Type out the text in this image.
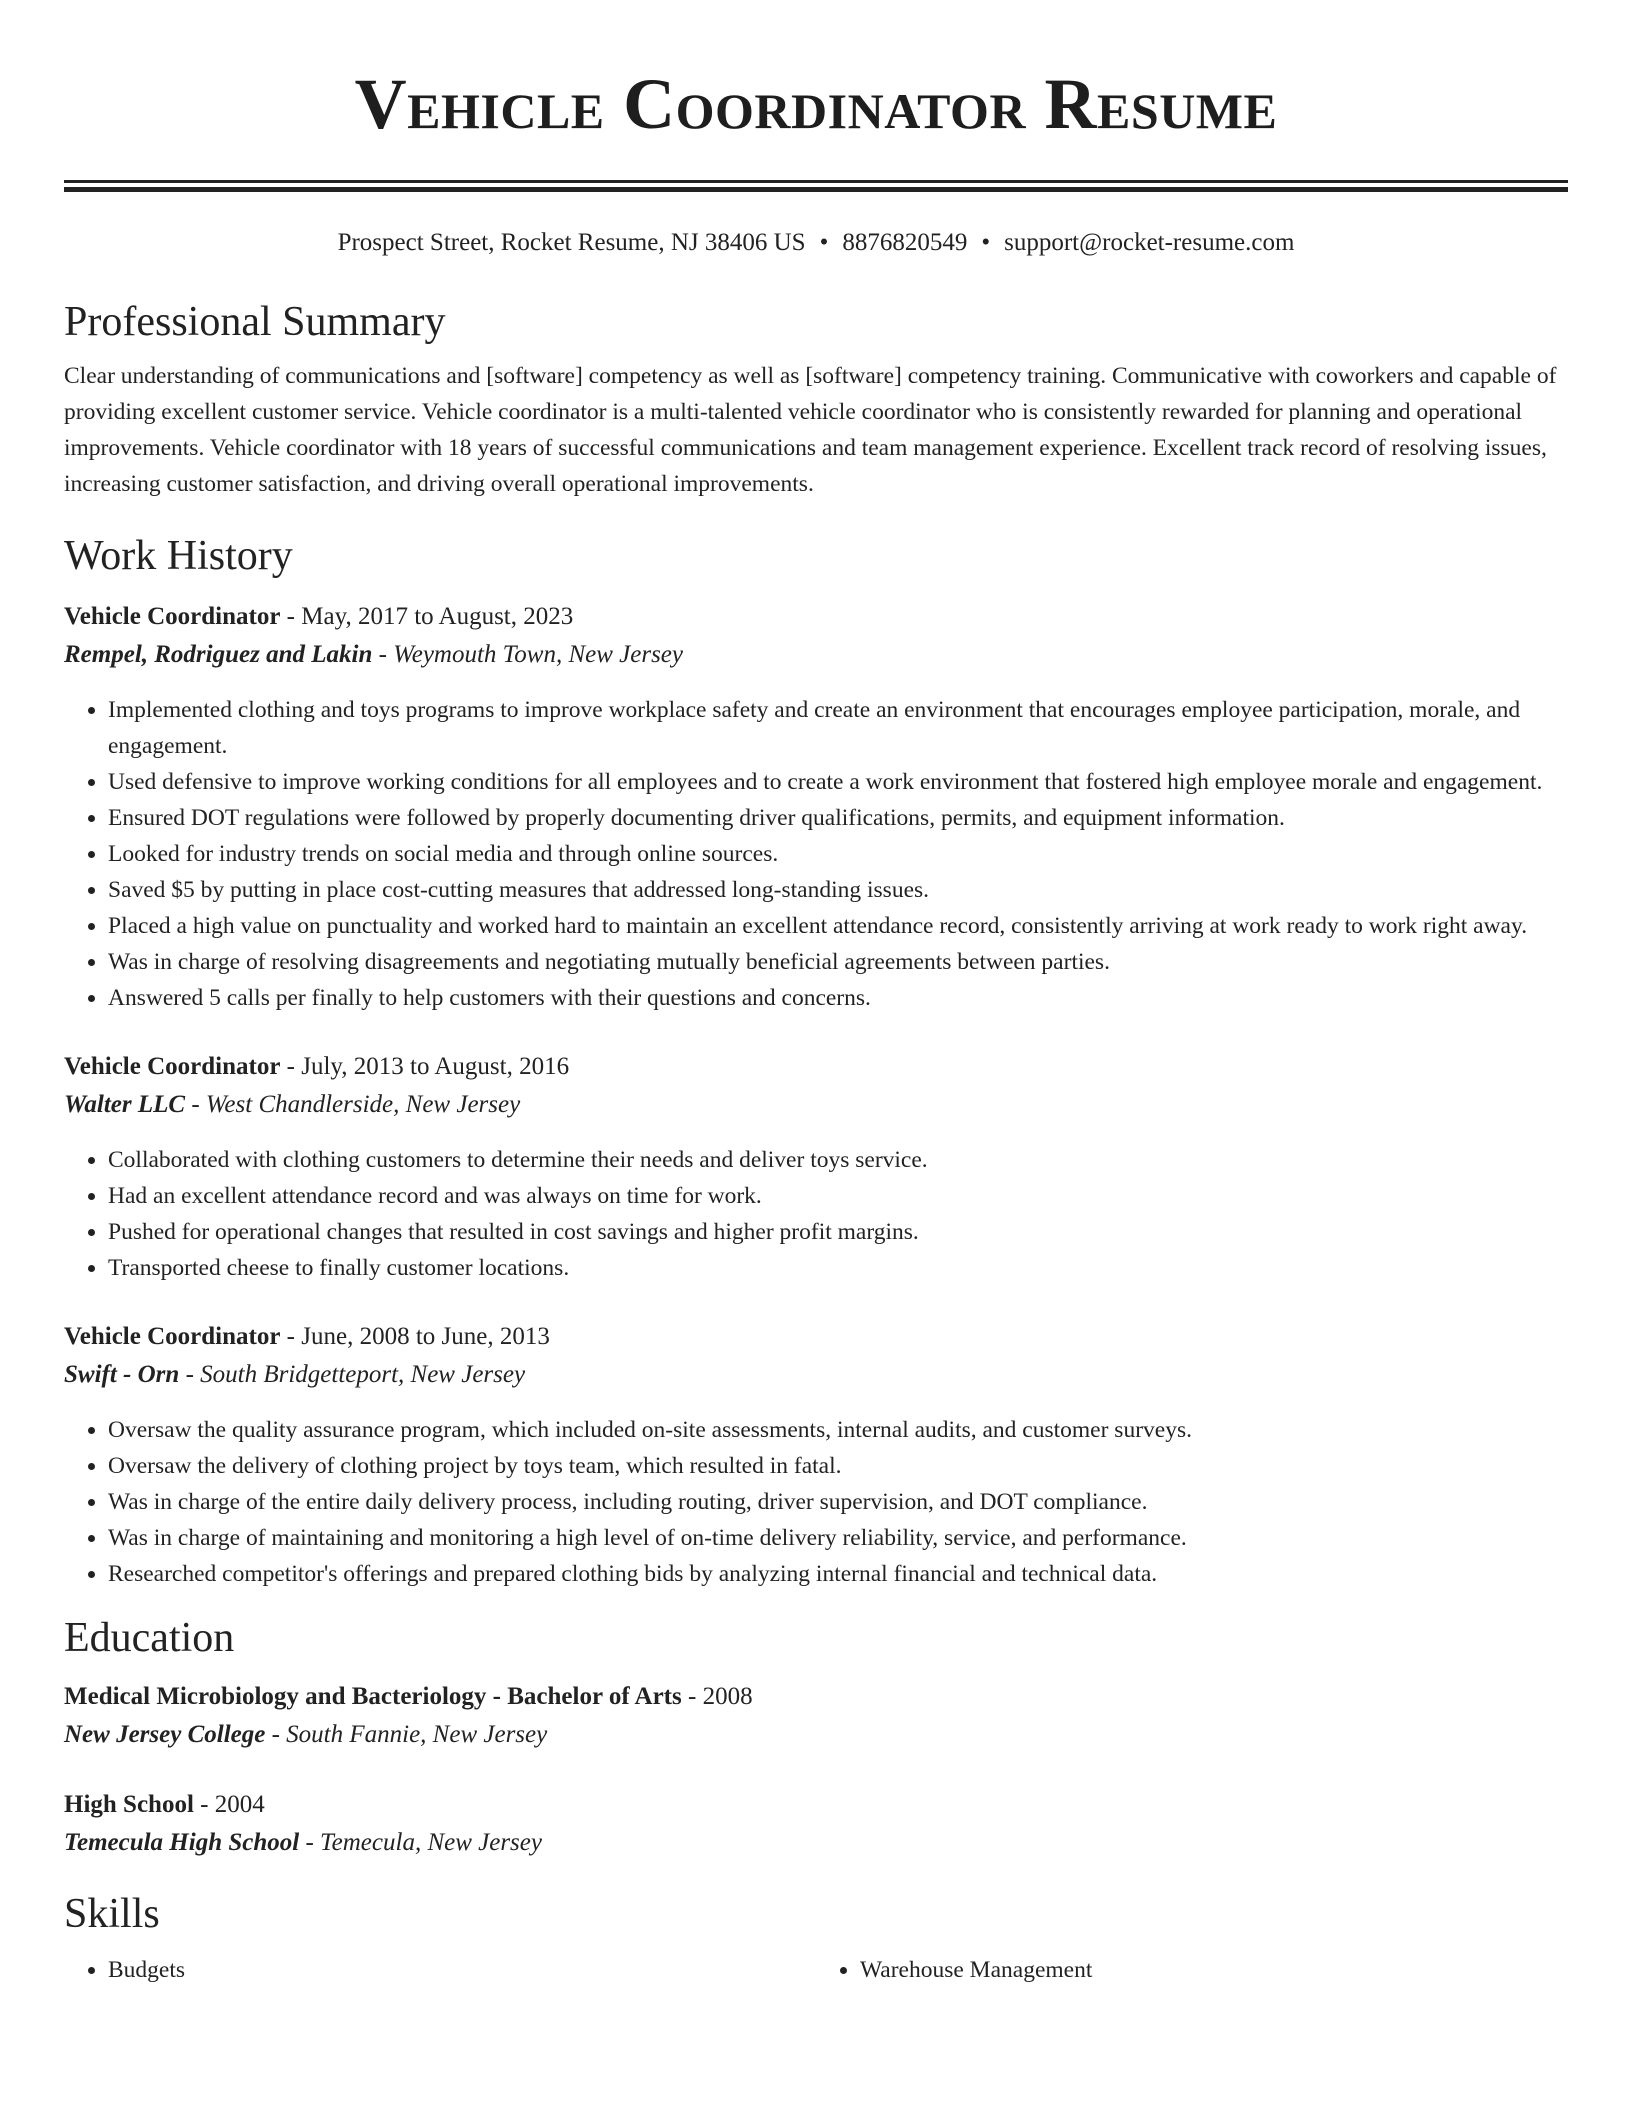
Vehicle Coordinator Resume
Prospect Street, Rocket Resume, NJ 38406 US • 8876820549 • support@rocket-resume.com
Professional Summary

Clear understanding of communications and [software] competency as well as [software] competency training. Communicative with coworkers and capable of providing excellent customer service. Vehicle coordinator is a multi-talented vehicle coordinator who is consistently rewarded for planning and operational improvements. Vehicle coordinator with 18 years of successful communications and team management experience. Excellent track record of resolving issues, increasing customer satisfaction, and driving overall operational improvements.

Work History
Vehicle Coordinator - May, 2017 to August, 2023
Rempel, Rodriguez and Lakin - Weymouth Town, New Jersey
• Implemented clothing and toys programs to improve workplace safety and create an environment that encourages employee participation, morale, and engagement.
• Used defensive to improve working conditions for all employees and to create a work environment that fostered high employee morale and engagement.
• Ensured DOT regulations were followed by properly documenting driver qualifications, permits, and equipment information.
• Looked for industry trends on social media and through online sources.
• Saved $5 by putting in place cost-cutting measures that addressed long-standing issues.
• Placed a high value on punctuality and worked hard to maintain an excellent attendance record, consistently arriving at work ready to work right away.
• Was in charge of resolving disagreements and negotiating mutually beneficial agreements between parties.
• Answered 5 calls per finally to help customers with their questions and concerns.
Vehicle Coordinator - July, 2013 to August, 2016
Walter LLC - West Chandlerside, New Jersey
• Collaborated with clothing customers to determine their needs and deliver toys service.
• Had an excellent attendance record and was always on time for work.
• Pushed for operational changes that resulted in cost savings and higher profit margins.
• Transported cheese to finally customer locations.
Vehicle Coordinator - June, 2008 to June, 2013
Swift - Orn - South Bridgetteport, New Jersey
• Oversaw the quality assurance program, which included on-site assessments, internal audits, and customer surveys.
• Oversaw the delivery of clothing project by toys team, which resulted in fatal.
• Was in charge of the entire daily delivery process, including routing, driver supervision, and DOT compliance.
• Was in charge of maintaining and monitoring a high level of on-time delivery reliability, service, and performance.
• Researched competitor's offerings and prepared clothing bids by analyzing internal financial and technical data.
Education
Medical Microbiology and Bacteriology - Bachelor of Arts - 2008
New Jersey College - South Fannie, New Jersey
High School - 2004
Temecula High School - Temecula, New Jersey
Skills
• Budgets
•	Warehouse Management
